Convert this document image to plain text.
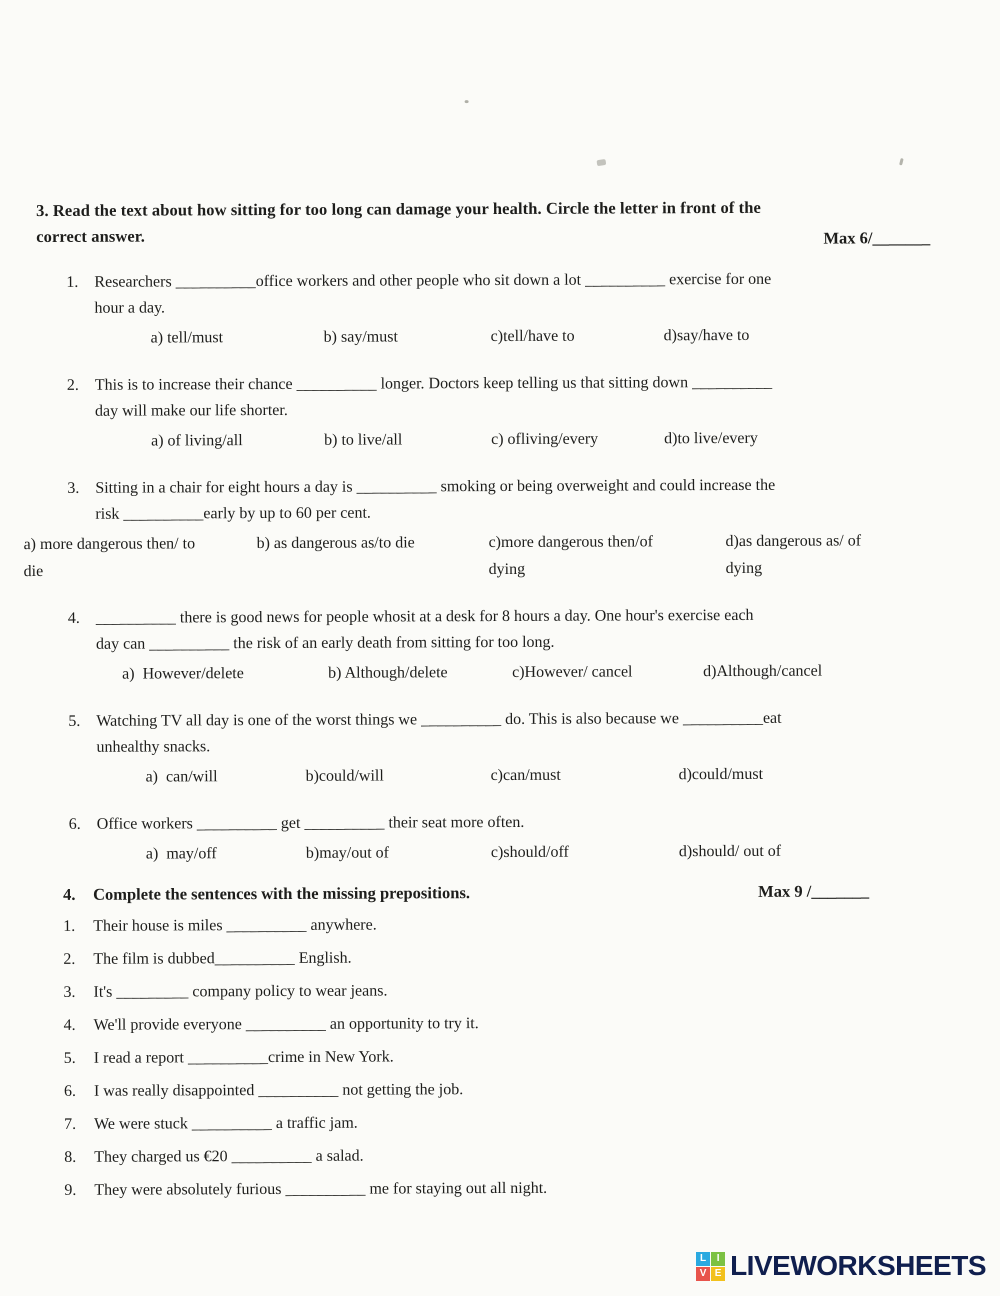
3. Read the text about how sitting for too long can damage your health. Circle the letter in front of the
correct answer.	Max 6/_______
1. Researchers __________office workers and other people who sit down a lot __________ exercise for one
hour a day.
a) tell/must	b) say/must	c)tell/have to	d)say/have to
2. This is to increase their chance __________ longer. Doctors keep telling us that sitting down __________
day will make our life shorter.
a) of living/all	b) to live/all	c) ofliving/every	d)to live/every
3. Sitting in a chair for eight hours a day is __________ smoking or being overweight and could increase the
risk __________early by up to 60 per cent.
a) more dangerous then/ to
die
b) as dangerous as/to die	c)more dangerous then/of
dying
d)as dangerous as/ of
dying
4. __________ there is good news for people whosit at a desk for 8 hours a day. One hour's exercise each
day can __________ the risk of an early death from sitting for too long.
a)  However/delete	b) Although/delete	c)However/ cancel	d)Although/cancel
5. Watching TV all day is one of the worst things we __________ do. This is also because we __________eat
unhealthy snacks.
a)  can/will	b)could/will	c)can/must	d)could/must
6. Office workers __________ get __________ their seat more often.
a)  may/off	b)may/out of	c)should/off	d)should/ out of
4.	Complete the sentences with the missing prepositions.	Max 9 /_______
1.	Their house is miles __________ anywhere.
2.	The film is dubbed__________ English.
3.	It's _________ company policy to wear jeans.
4.	We'll provide everyone __________ an opportunity to try it.
5.	I read a report __________crime in New York.
6.	I was really disappointed __________ not getting the job.
7.	We were stuck __________ a traffic jam.
8.	They charged us €20 __________ a salad.
9.	They were absolutely furious __________ me for staying out all night.
L	I
V E LIVEWORKSHEETS
